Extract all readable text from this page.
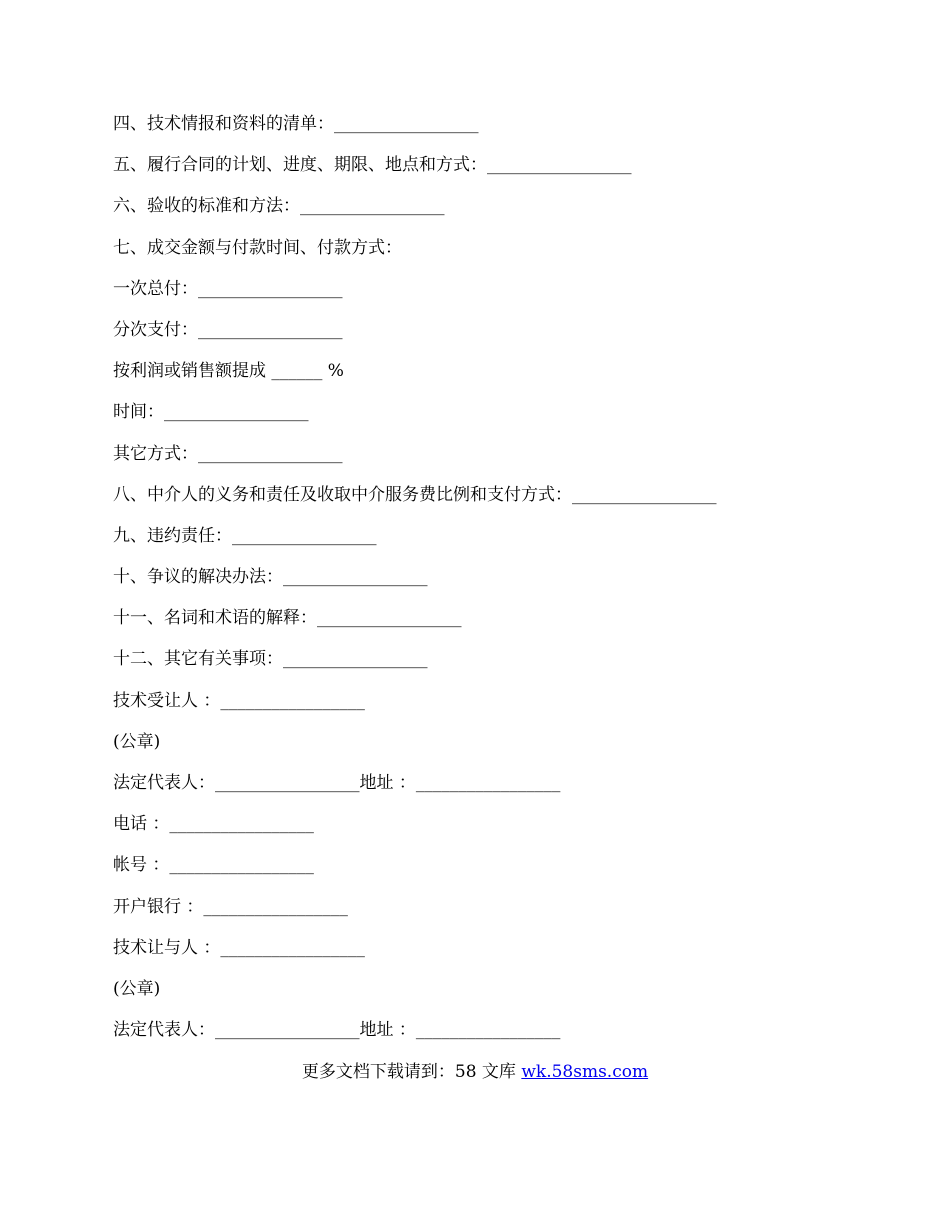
四、技术情报和资料的清单：_________________
五、履行合同的计划、进度、期限、地点和方式：_________________
六、验收的标准和方法：_________________
七、成交金额与付款时间、付款方式：
一次总付：_________________
分次支付：_________________
按利润或销售额提成 ______ %
时间：_________________
其它方式：_________________
八、中介人的义务和责任及收取中介服务费比例和支付方式：_________________
九、违约责任：_________________
十、争议的解决办法：_________________
十一、名词和术语的解释：_________________
十二、其它有关事项：_________________
技术受让人 ：_________________
(公章)
法定代表人：_________________地址 ：_________________
电话 ：_________________
帐号 ：_________________
开户银行 ：_________________
技术让与人 ：_________________
(公章)
法定代表人：_________________地址 ：_________________
更多文档下载请到：58 文库 wk.58sms.com
